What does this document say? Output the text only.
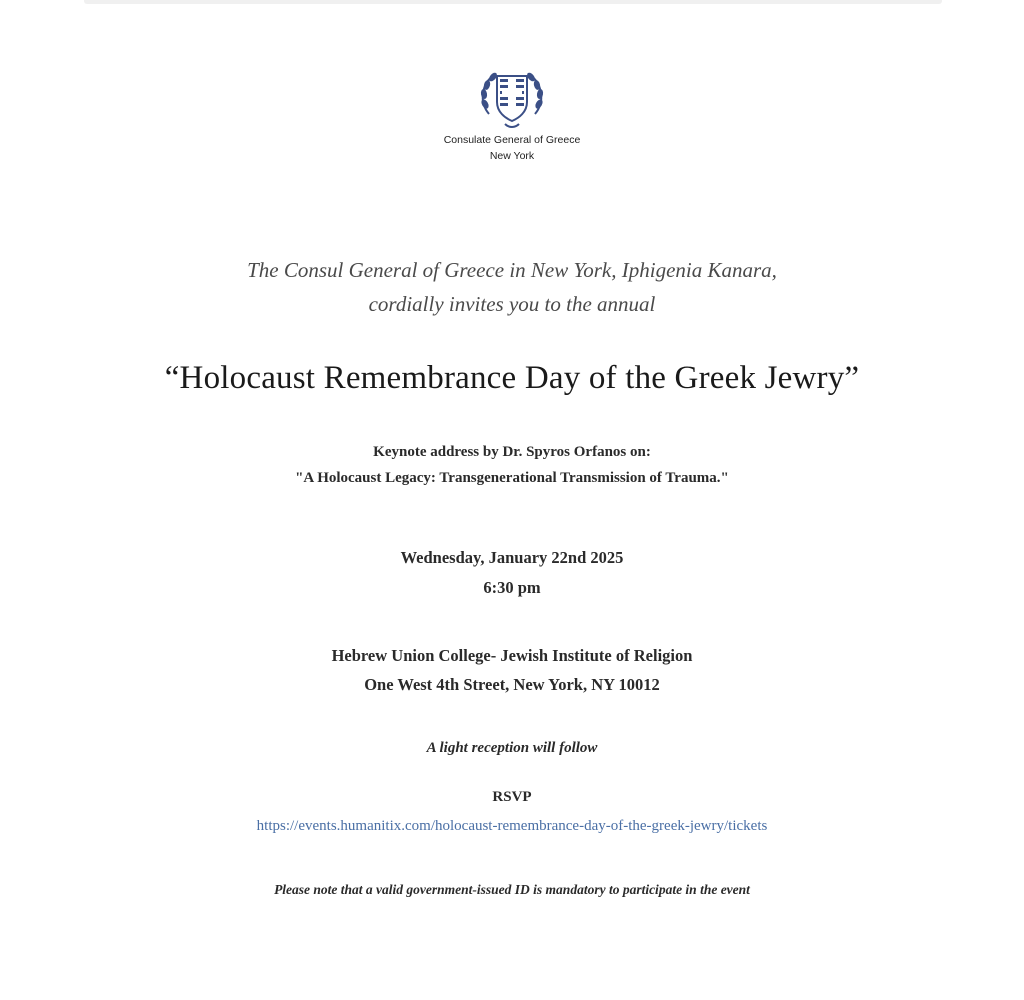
Consulate General of Greece
New York
The Consul General of Greece in New York, Iphigenia Kanara,
cordially invites you to the annual
“Holocaust Remembrance Day of the Greek Jewry”
Keynote address by Dr. Spyros Orfanos on:
"A Holocaust Legacy: Transgenerational Transmission of Trauma."
Wednesday, January 22nd 2025
6:30 pm
Hebrew Union College- Jewish Institute of Religion
One West 4th Street, New York, NY 10012
A light reception will follow
RSVP
https://events.humanitix.com/holocaust-remembrance-day-of-the-greek-jewry/tickets
Please note that a valid government-issued ID is mandatory to participate in the event
